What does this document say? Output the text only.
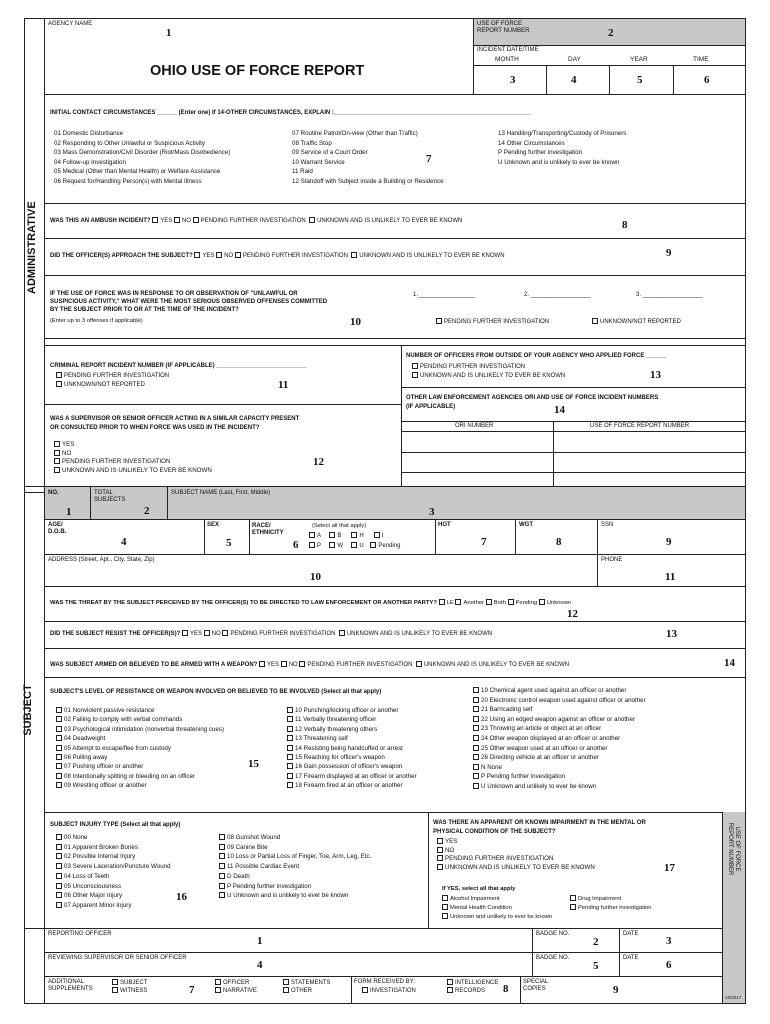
ADMINISTRATIVE
SUBJECT
AGENCY NAME
1
OHIO USE OF FORCE REPORT
USE OF FORCE
REPORT NUMBER	2
INCIDENT DATE/TIME
MONTH	DAY	YEAR	TIME
3	4	5	6
INITIAL CONTACT CIRCUMSTANCES ______ (Enter one) If 14-OTHER CIRCUMSTANCES, EXPLAIN :___________________________________________________________
01 Domestic Disturbance
02 Responding to Other Unlawful or Suspicious Activity
03 Mass Demonstration/Civil Disorder (Riot/Mass Disobedience)
04 Follow-up Investigation
05 Medical (Other than Mental Health) or Welfare Assistance
06 Request for/Handling Person(s) with Mental Illness
07 Routine Patrol/On-view (Other than Traffic)
08 Traffic Stop
09 Service of a Court Order
10 Warrant Service
11 Raid
12 Standoff with Subject inside a Building or Residence
7
13 Handling/Transporting/Custody of Prisoners
14 Other Circumstances
P Pending further investigation
U Unknown and is unlikely to ever be known
WAS THIS AN AMBUSH INCIDENT? YES NO PENDING FURTHER INVESTIGATION UNKNOWN AND IS UNLIKELY TO EVER BE KNOWN	8
DID THE OFFICER(S) APPROACH THE SUBJECT? YES NO PENDING FURTHER INVESTIGATION UNKNOWN AND IS UNLIKELY TO EVER BE KNOWN	9
IF THE USE OF FORCE WAS IN RESPONSE TO OR OBSERVATION OF "UNLAWFUL OR
SUSPICIOUS ACTIVITY," WHAT WERE THE MOST SERIOUS OBSERVED OFFENSES COMMITTED
BY THE SUBJECT PRIOR TO OR AT THE TIME OF THE INCIDENT?
(Enter up to 3 offenses if applicable)	10
1._________________	2. __________________	3. __________________
PENDING FURTHER INVESTIGATION	UNKNOWN/NOT REPORTED
CRIMINAL REPORT INCIDENT NUMBER (IF APPLICABLE) ___________________________
PENDING FURTHER INVESTIGATION
UNKNOWN/NOT REPORTED	11
NUMBER OF OFFICERS FROM OUTSIDE OF YOUR AGENCY WHO APPLIED FORCE ______
PENDING FURTHER INVESTIGATION
UNKNOWN AND IS UNLIKELY TO EVER BE KNOWN	13
OTHER LAW ENFORCEMENT AGENCIES ORI AND USE OF FORCE INCIDENT NUMBERS
(IF APPLICABLE)	14
ORI NUMBER	USE OF FORCE REPORT NUMBER
WAS A SUPERVISOR OR SENIOR OFFICER ACTING IN A SIMILAR CAPACITY PRESENT
OR CONSULTED PRIOR TO WHEN FORCE WAS USED IN THE INCIDENT?
YES
NO
PENDING FURTHER INVESTIGATION
UNKNOWN AND IS UNLIKELY TO EVER BE KNOWN
12
NO.	TOTAL
SUBJECTS
1	2
SUBJECT NAME (Last, First, Middle)
3
AGE/
D.O.B.
4
SEX
5
RACE/
ETHNICITY
6
(Select all that apply)
A	B	H	I
P	W	U Pending
HGT
7
WGT
8
SSN
9
ADDRESS (Street, Apt., City, State, Zip)
10
PHONE
11
WAS THE THREAT BY THE SUBJECT PERCEIVED BY THE OFFICER(S) TO BE DIRECTED TO LAW ENFORCEMENT OR ANOTHER PARTY? LE Another Both Pending Unknown
12
DID THE SUBJECT RESIST THE OFFICER(S)? YES NO PENDING FURTHER INVESTIGATION UNKNOWN AND IS UNLIKELY TO EVER BE KNOWN	13
WAS SUBJECT ARMED OR BELIEVED TO BE ARMED WITH A WEAPON? YES NO PENDING FURTHER INVESTIGATION UNKNOWN AND IS UNLIKELY TO EVER BE KNOWN	14
SUBJECT'S LEVEL OF RESISTANCE OR WEAPON INVOLVED OR BELIEVED TO BE INVOLVED (Select all that apply)
01 Nonviolent passive resistance
02 Failing to comply with verbal commands
03 Psychological intimidation (nonverbal threatening cues)
04 Deadweight
05 Attempt to escape/flee from custody
06 Pulling away
07 Pushing officer or another
08 Intentionally spitting or bleeding on an officer
09 Wrestling officer or another
15
10 Punching/kicking officer or another
11 Verbally threatening officer
12 Verbally threatening others
13 Threatening self
14 Resisting being handcuffed or arrest
15 Reaching for officer's weapon
16 Gain possession of officer's weapon
17 Firearm displayed at an officer or another
18 Firearm fired at an officer or another
19 Chemical agent used against an officer or another
20 Electronic control weapon used against officer or another
21 Barricading self
22 Using an edged weapon against an officer or another
23 Throwing an article or object at an officer
24 Other weapon displayed at an officer or another
25 Other weapon used at an officer or another
26 Directing vehicle at an officer or another
N None
P Pending further investigation
U Unknown and unlikely to ever be known
SUBJECT INJURY TYPE (Select all that apply)
00 None
01 Apparent Broken Bones
02 Possible Internal Injury
03 Severe Laceration/Puncture Wound
04 Loss of Teeth
05 Unconsciousness
06 Other Major Injury
07 Apparent Minor Injury
16
08 Gunshot Wound
09 Canine Bite
10 Loss or Partial Loss of Finger, Toe, Arm, Leg, Etc.
11 Possible Cardiac Event
D Death
P Pending further investigation
U Unknown and is unlikely to ever be known
WAS THERE AN APPARENT OR KNOWN IMPAIRMENT IN THE MENTAL OR
PHYSICAL CONDITION OF THE SUBJECT?
YES
NO
PENDING FURTHER INVESTIGATION
UNKNOWN AND IS UNLIKELY TO EVER BE KNOWN	17
If YES, select all that apply
Alcohol Impairment	Drug Impairment
Mental Health Condition	Pending further investigation
Unknown and unlikely to ever be known
USE OF FORCE REPORT NUMBER
12/2017
REPORTING OFFICER
1
BADGE NO.
2
DATE
3
REVIEWING SUPERVISOR OR SENIOR OFFICER
4
BADGE NO.
5
DATE
6
ADDITIONAL
SUPPLEMENTS
SUBJECT
WITNESS	7
OFFICER
NARRATIVE
STATEMENTS
OTHER
FORM RECEIVED BY:
INVESTIGATION
INTELLIGENCE
RECORDS 8
SPECIAL
COPIES	9
